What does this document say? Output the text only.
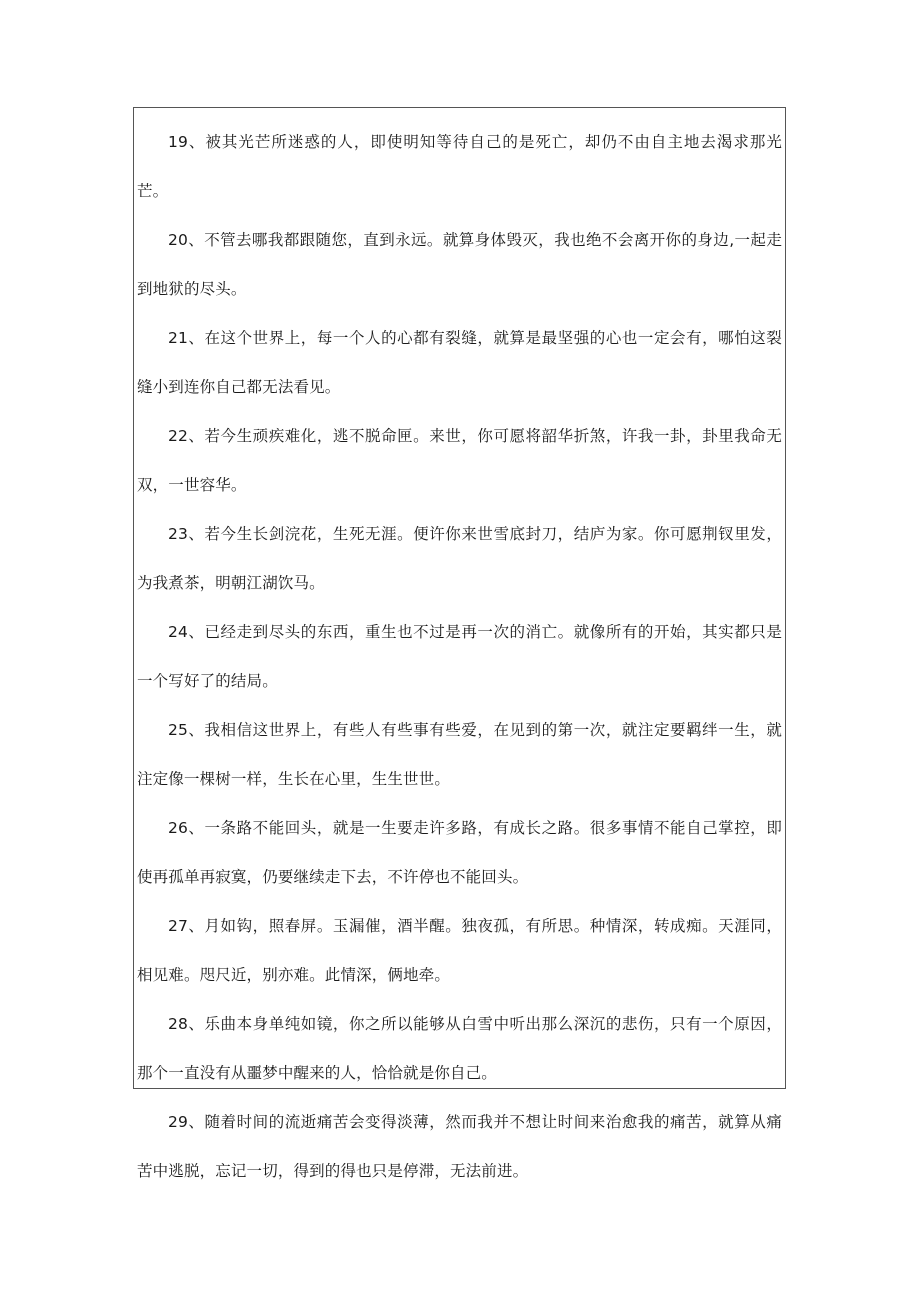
19、被其光芒所迷惑的人，即使明知等待自己的是死亡，却仍不由自主地去渴求那光芒。

20、不管去哪我都跟随您，直到永远。就算身体毁灭，我也绝不会离开你的身边,一起走到地狱的尽头。

21、在这个世界上，每一个人的心都有裂缝，就算是最坚强的心也一定会有，哪怕这裂缝小到连你自己都无法看见。

22、若今生顽疾难化，逃不脱命匣。来世，你可愿将韶华折煞，许我一卦，卦里我命无双，一世容华。

23、若今生长剑浣花，生死无涯。便许你来世雪底封刀，结庐为家。你可愿荆钗里发，为我煮茶，明朝江湖饮马。

24、已经走到尽头的东西，重生也不过是再一次的消亡。就像所有的开始，其实都只是一个写好了的结局。

25、我相信这世界上，有些人有些事有些爱，在见到的第一次，就注定要羁绊一生，就注定像一棵树一样，生长在心里，生生世世。

26、一条路不能回头，就是一生要走许多路，有成长之路。很多事情不能自己掌控，即使再孤单再寂寞，仍要继续走下去，不许停也不能回头。

27、月如钩，照春屏。玉漏催，酒半醒。独夜孤，有所思。种情深，转成痴。天涯同，相见难。咫尺近，别亦难。此情深，俩地牵。

28、乐曲本身单纯如镜，你之所以能够从白雪中听出那么深沉的悲伤，只有一个原因，那个一直没有从噩梦中醒来的人，恰恰就是你自己。

29、随着时间的流逝痛苦会变得淡薄，然而我并不想让时间来治愈我的痛苦，就算从痛苦中逃脱，忘记一切，得到的得也只是停滞，无法前进。
